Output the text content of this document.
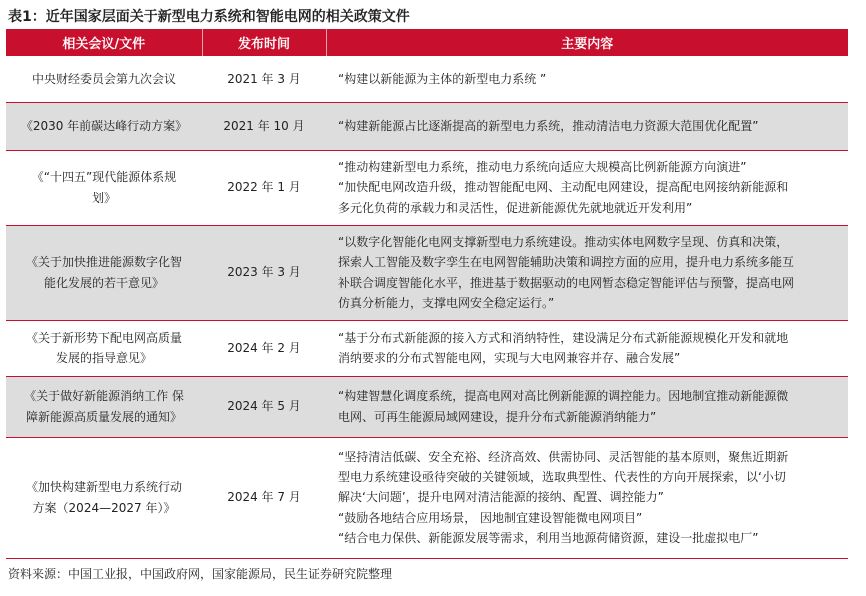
表1：近年国家层面关于新型电力系统和智能电网的相关政策文件
相关会议/文件	发布时间	主要内容

中央财经委员会第九次会议	2021 年 3 月	“构建以新能源为主体的新型电力系统 ”

《2030 年前碳达峰行动方案》	2021 年 10 月	“构建新能源占比逐渐提高的新型电力系统，推动清洁电力资源大范围优化配置”

《“十四五”现代能源体系规
划》	2022 年 1 月	“推动构建新型电力系统，推动电力系统向适应大规模高比例新能源方向演进”
“加快配电网改造升级，推动智能配电网、主动配电网建设，提高配电网接纳新能源和
多元化负荷的承载力和灵活性，促进新能源优先就地就近开发利用”

《关于加快推进能源数字化智
能化发展的若干意见》	2023 年 3 月	“以数字化智能化电网支撑新型电力系统建设。推动实体电网数字呈现、仿真和决策，
探索人工智能及数字孪生在电网智能辅助决策和调控方面的应用，提升电力系统多能互
补联合调度智能化水平，推进基于数据驱动的电网暂态稳定智能评估与预警，提高电网
仿真分析能力，支撑电网安全稳定运行。”

《关于新形势下配电网高质量
发展的指导意见》	2024 年 2 月	“基于分布式新能源的接入方式和消纳特性，建设满足分布式新能源规模化开发和就地
消纳要求的分布式智能电网，实现与大电网兼容并存、融合发展”

《关于做好新能源消纳工作 保
障新能源高质量发展的通知》	2024 年 5 月	“构建智慧化调度系统，提高电网对高比例新能源的调控能力。因地制宜推动新能源微
电网、可再生能源局域网建设，提升分布式新能源消纳能力”

《加快构建新型电力系统行动
方案（2024—2027 年）》	2024 年 7 月	“坚持清洁低碳、安全充裕、经济高效、供需协同、灵活智能的基本原则，聚焦近期新
型电力系统建设亟待突破的关键领域，选取典型性、代表性的方向开展探索，以‘小切
解决‘大问题’，提升电网对清洁能源的接纳、配置、调控能力”
“鼓励各地结合应用场景， 因地制宜建设智能微电网项目”
“结合电力保供、新能源发展等需求，利用当地源荷储资源，建设一批虚拟电厂”
资料来源：中国工业报，中国政府网，国家能源局，民生证券研究院整理
